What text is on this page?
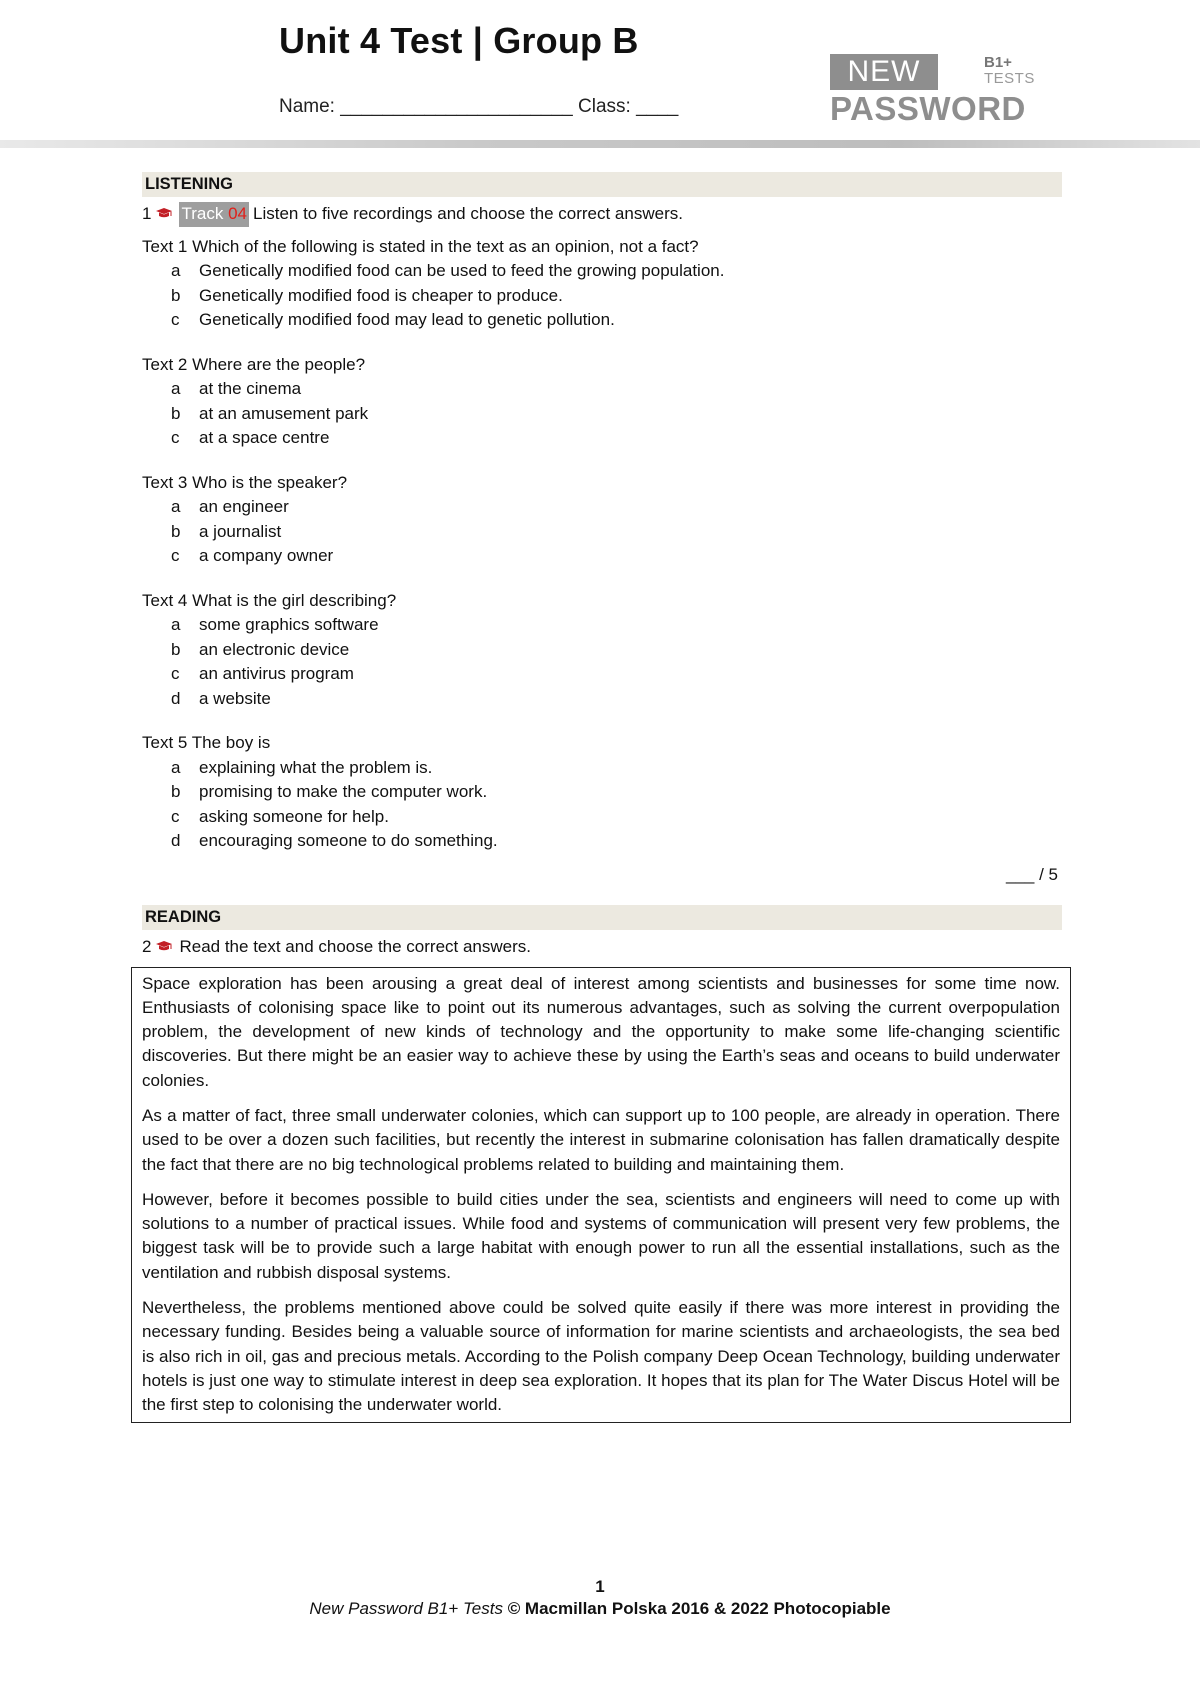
Unit 4 Test | Group B
Name: ______________________ Class: ____
NEW	B1+
TESTS
PASSWORD
LISTENING
1 Track 04 Listen to five recordings and choose the correct answers.
Text 1 Which of the following is stated in the text as an opinion, not a fact?
a	Genetically modified food can be used to feed the growing population.
b	Genetically modified food is cheaper to produce.
c	Genetically modified food may lead to genetic pollution.
Text 2 Where are the people?
a	at the cinema
b	at an amusement park
c	at a space centre
Text 3 Who is the speaker?
a	an engineer
b	a journalist
c	a company owner
Text 4 What is the girl describing?
a	some graphics software
b	an electronic device
c	an antivirus program
d	a website
Text 5 The boy is
a	explaining what the problem is.
b	promising to make the computer work.
c	asking someone for help.
d	encouraging someone to do something.
___ / 5
READING
2 Read the text and choose the correct answers.

Space exploration has been arousing a great deal of interest among scientists and businesses for some time now. Enthusiasts of colonising space like to point out its numerous advantages, such as solving the current overpopulation problem, the development of new kinds of technology and the opportunity to make some life-changing scientific discoveries. But there might be an easier way to achieve these by using the Earth’s seas and oceans to build underwater colonies.

As a matter of fact, three small underwater colonies, which can support up to 100 people, are already in operation. There used to be over a dozen such facilities, but recently the interest in submarine colonisation has fallen dramatically despite the fact that there are no big technological problems related to building and maintaining them.

However, before it becomes possible to build cities under the sea, scientists and engineers will need to come up with solutions to a number of practical issues. While food and systems of communication will present very few problems, the biggest task will be to provide such a large habitat with enough power to run all the essential installations, such as the ventilation and rubbish disposal systems.

Nevertheless, the problems mentioned above could be solved quite easily if there was more interest in providing the necessary funding. Besides being a valuable source of information for marine scientists and archaeologists, the sea bed is also rich in oil, gas and precious metals. According to the Polish company Deep Ocean Technology, building underwater hotels is just one way to stimulate interest in deep sea exploration. It hopes that its plan for The Water Discus Hotel will be the first step to colonising the underwater world.

1
New Password B1+ Tests © Macmillan Polska 2016 & 2022 Photocopiable
